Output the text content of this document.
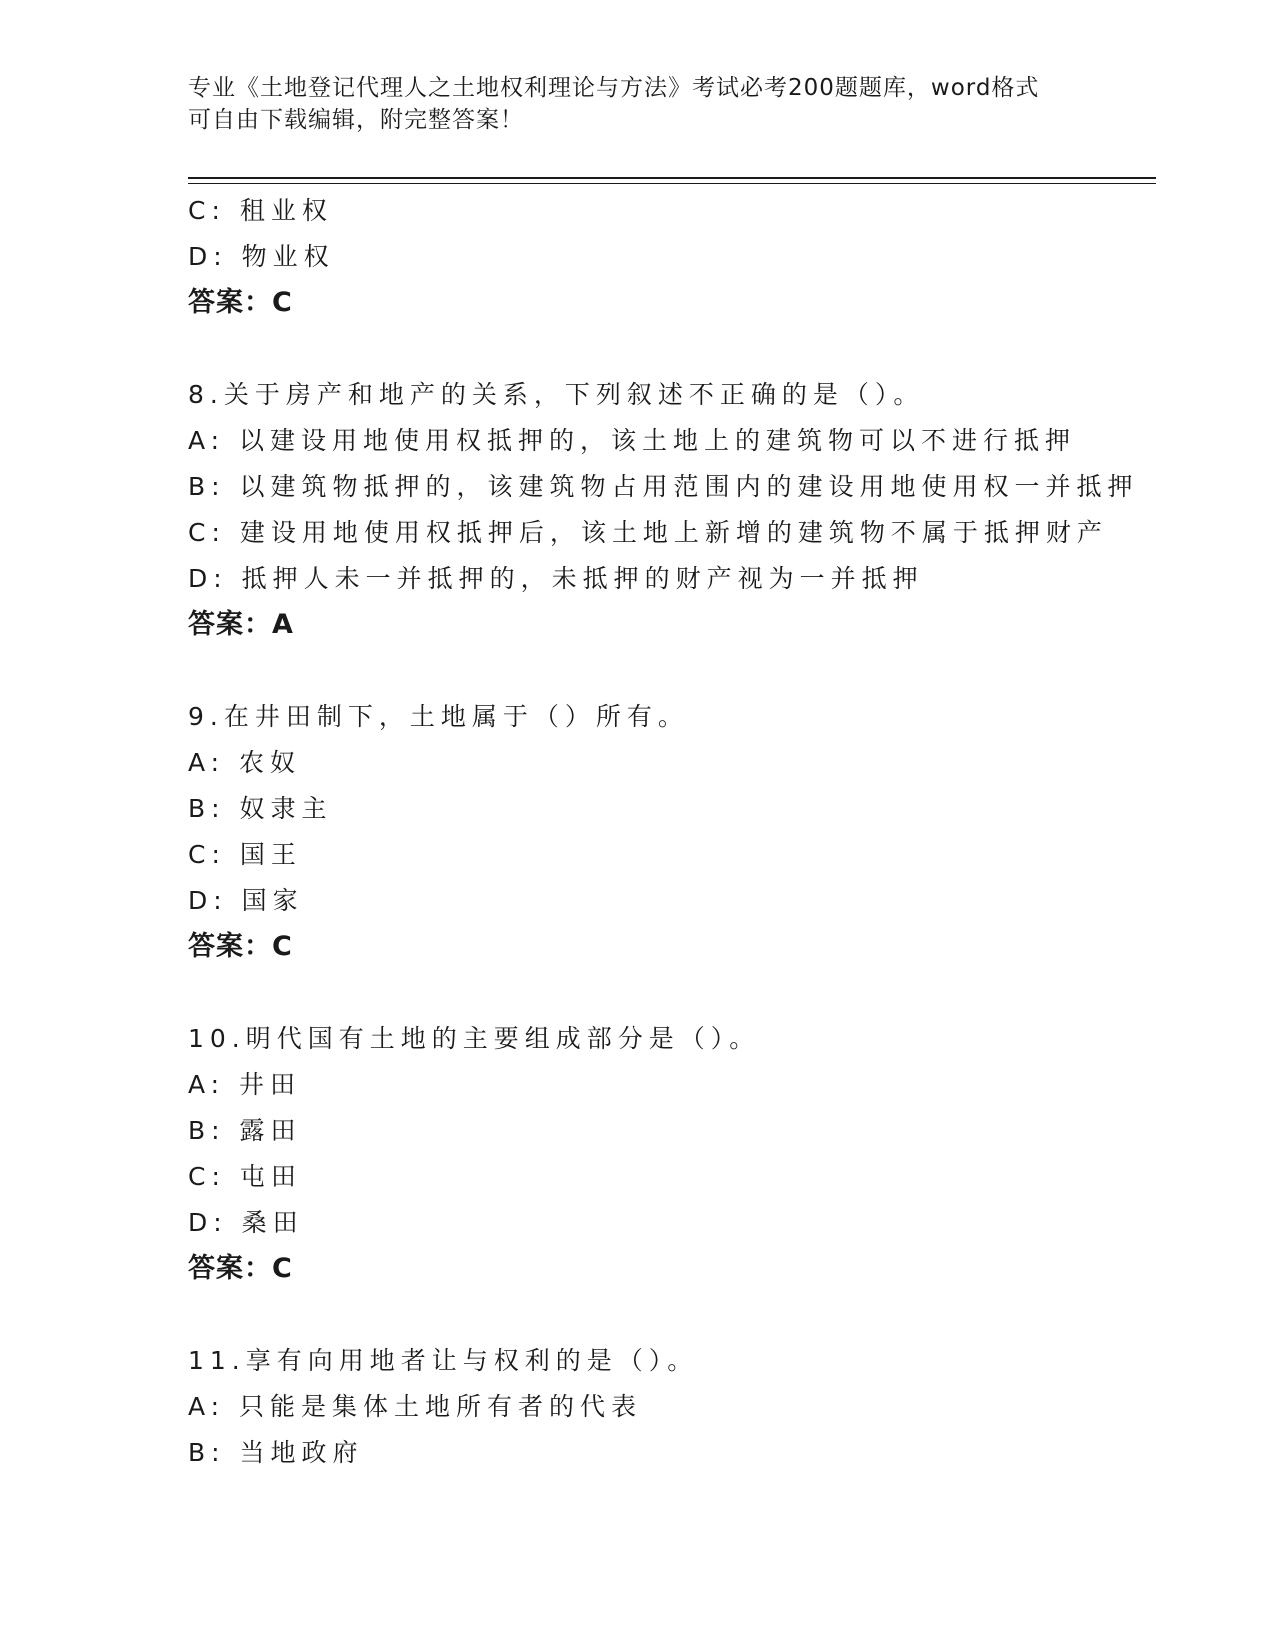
专业《土地登记代理人之土地权利理论与方法》考试必考200题题库，word格式
可自由下载编辑，附完整答案！
C: 租业权
D: 物业权
答案：C
8.关于房产和地产的关系，下列叙述不正确的是（）。
A: 以建设用地使用权抵押的，该土地上的建筑物可以不进行抵押
B: 以建筑物抵押的，该建筑物占用范围内的建设用地使用权一并抵押
C: 建设用地使用权抵押后，该土地上新增的建筑物不属于抵押财产
D: 抵押人未一并抵押的，未抵押的财产视为一并抵押
答案：A
9.在井田制下，土地属于（）所有。
A: 农奴
B: 奴隶主
C: 国王
D: 国家
答案：C
10.明代国有土地的主要组成部分是（）。
A: 井田
B: 露田
C: 屯田
D: 桑田
答案：C
11.享有向用地者让与权利的是（）。
A: 只能是集体土地所有者的代表
B: 当地政府
